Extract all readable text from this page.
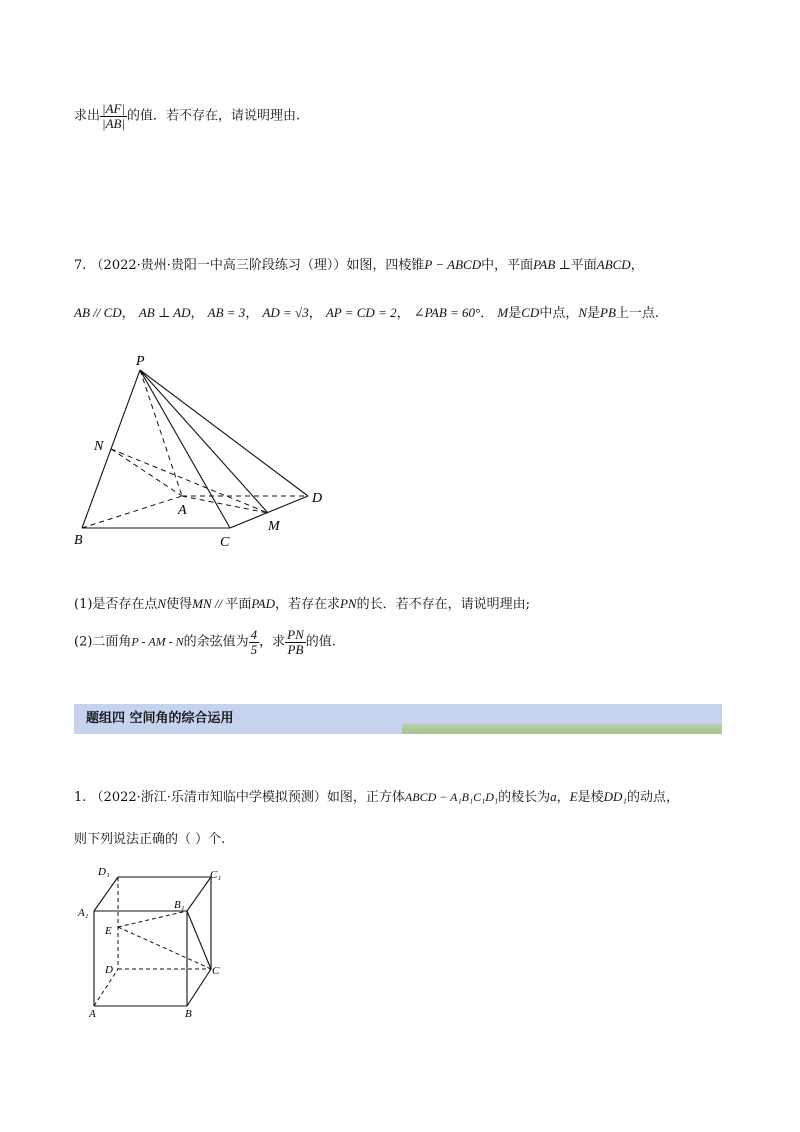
求出 $\frac{|AF|}{|AB|}$ 的值．若不存在，请说明理由.
7. （2022·贵州·贵阳一中高三阶段练习（理））如图，四棱锥P − ABCD中，平面PAB ⊥平面ABCD，
AB // CD， AB ⊥ AD， AB = 3， AD = √3， AP = CD = 2， ∠PAB = 60°． M是CD中点，N是PB上一点.
P
N
A
B	C
M
D
(1)是否存在点N使得MN // 平面PAD，若存在求PN的长．若不存在，请说明理由;
(2)二面角P - AM - N的余弦值为 $\frac{4}{5}$ ，求 $\frac{PN}{PB}$ 的值.
题组四 空间角的综合运用
1. （2022·浙江·乐清市知临中学模拟预测）如图，正方体ABCD − A₁B₁C₁D₁的棱长为a，E是棱DD₁的动点，
则下列说法正确的（ ）个.
D₁	C₁
A₁
B₁
E
D	C
A	B
